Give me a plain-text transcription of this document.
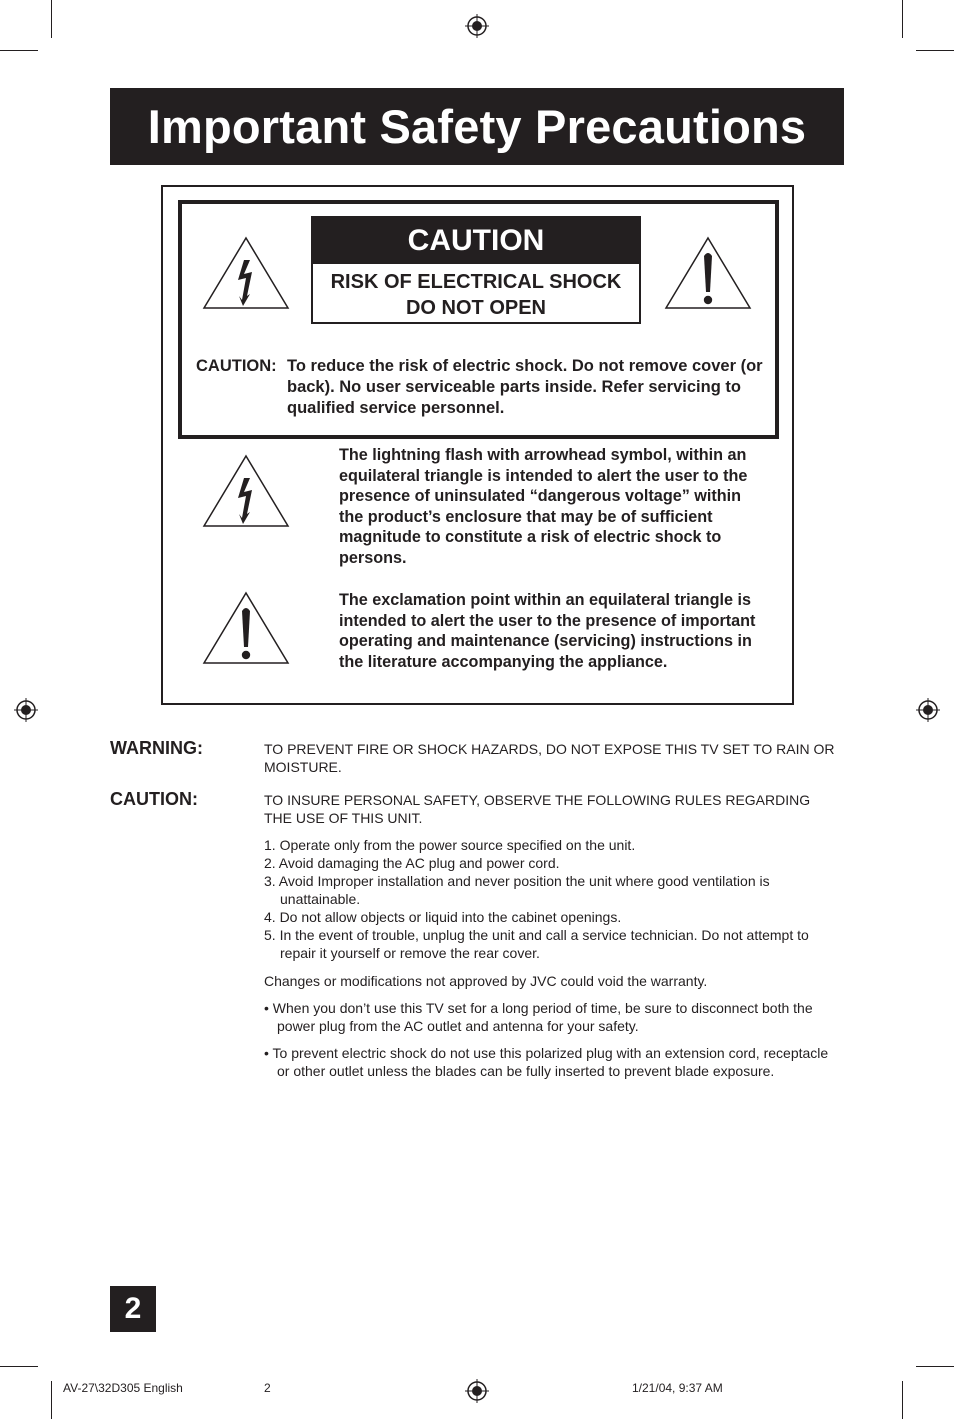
Important Safety Precautions
CAUTION
RISK OF ELECTRICAL SHOCK
DO NOT OPEN
CAUTION: To reduce the risk of electric shock. Do not remove cover (or back). No user serviceable parts inside. Refer servicing to qualified service personnel.
The lightning flash with arrowhead symbol, within an equilateral triangle is intended to alert the user to the presence of uninsulated “dangerous voltage” within the product’s enclosure that may be of sufficient magnitude to constitute a risk of electric shock to persons.
The exclamation point within an equilateral triangle is intended to alert the user to the presence of important operating and maintenance (servicing) instructions in the literature accompanying the appliance.
WARNING:	TO PREVENT FIRE OR SHOCK HAZARDS, DO NOT EXPOSE THIS TV SET TO RAIN OR MOISTURE.
CAUTION:	TO INSURE PERSONAL SAFETY, OBSERVE THE FOLLOWING RULES REGARDING THE USE OF THIS UNIT.

1. Operate only from the power source specified on the unit.

2. Avoid damaging the AC plug and power cord.

3. Avoid Improper installation and never position the unit where good ventilation is unattainable.

4. Do not allow objects or liquid into the cabinet openings.

5. In the event of trouble, unplug the unit and call a service technician. Do not attempt to repair it yourself or remove the rear cover.

Changes or modifications not approved by JVC could void the warranty.

• When you don’t use this TV set for a long period of time, be sure to disconnect both the power plug from the AC outlet and antenna for your safety.

• To prevent electric shock do not use this polarized plug with an extension cord, receptacle or other outlet unless the blades can be fully inserted to prevent blade exposure.

2
AV-27\32D305 English	2	1/21/04, 9:37 AM
